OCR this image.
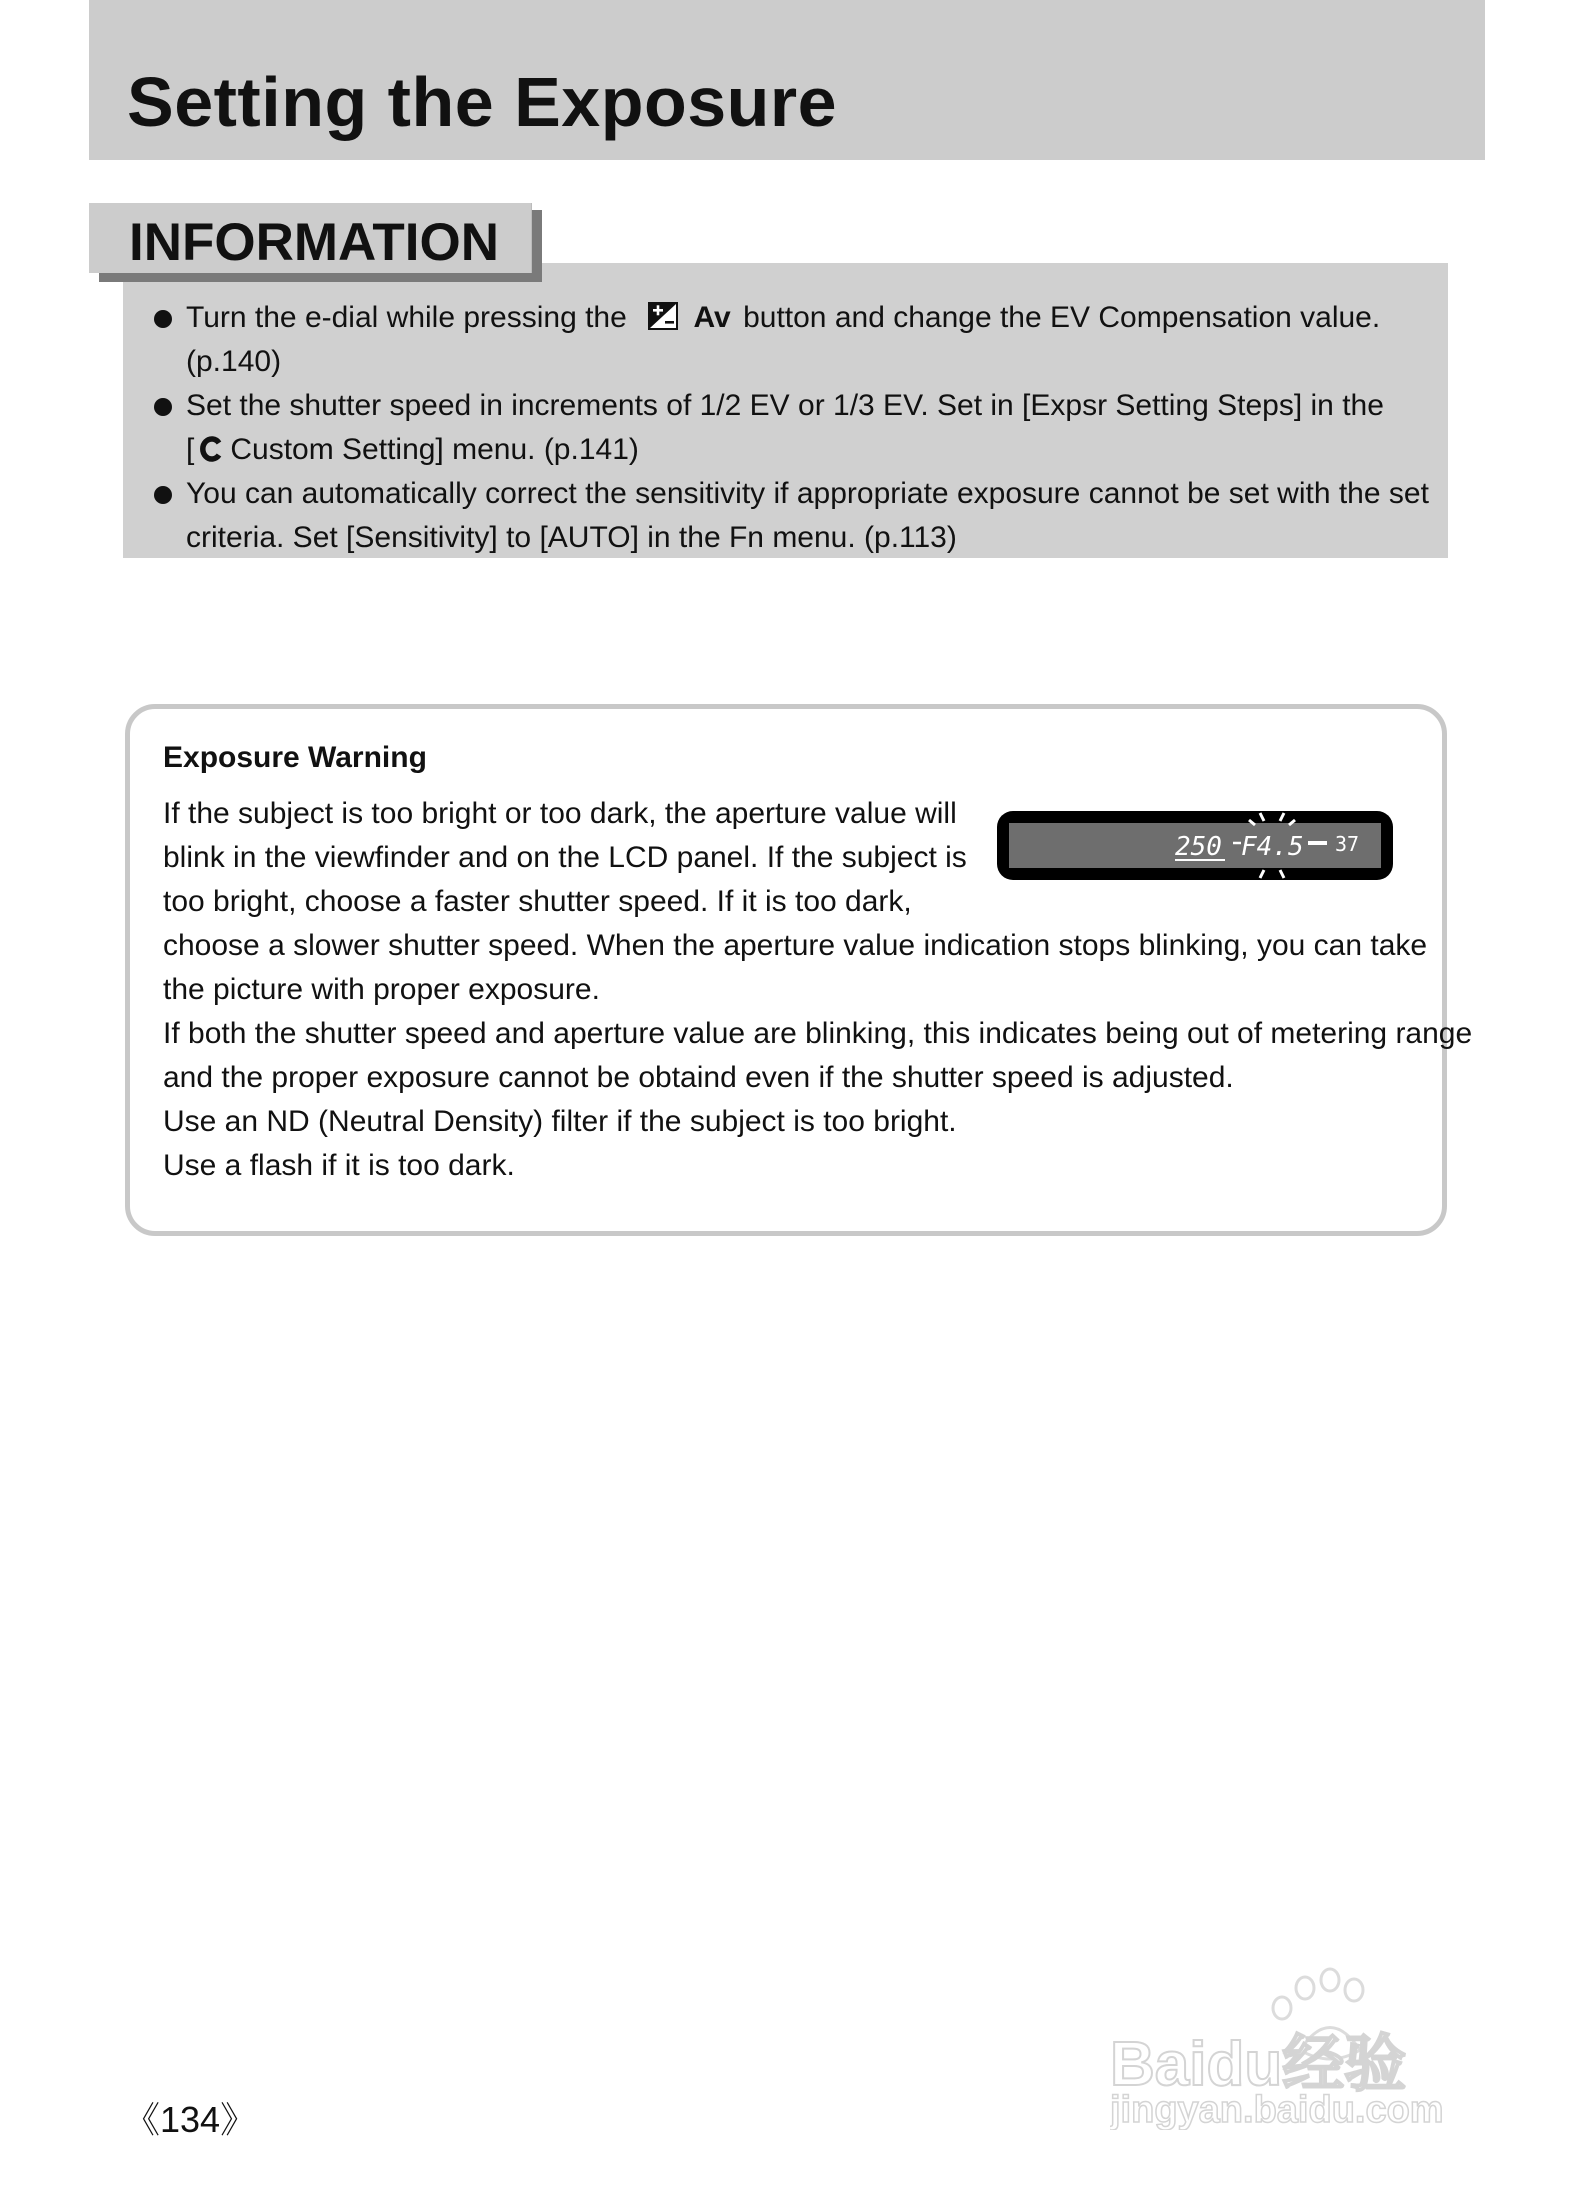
Setting the Exposure
INFORMATION
Turn the e-dial while pressing the Av button and change the EV Compensation value. (p.140)
Set the shutter speed in increments of 1/2 EV or 1/3 EV. Set in [Expsr Setting Steps] in the
[ Custom Setting] menu. (p.141)
You can automatically correct the sensitivity if appropriate exposure cannot be set with the set
criteria. Set [Sensitivity] to [AUTO] in the Fn menu. (p.113)
Exposure Warning
If the subject is too bright or too dark, the aperture value will
blink in the viewfinder and on the LCD panel. If the subject is
too bright, choose a faster shutter speed. If it is too dark,
choose a slower shutter speed. When the aperture value indication stops blinking, you can take
the picture with proper exposure.
If both the shutter speed and aperture value are blinking, this indicates being out of metering range
and the proper exposure cannot be obtaind even if the shutter speed is adjusted.
Use an ND (Neutral Density) filter if the subject is too bright.
Use a flash if it is too dark.
250 F4.5 37
《134》
Baidu经验
jingyan.baidu.com
